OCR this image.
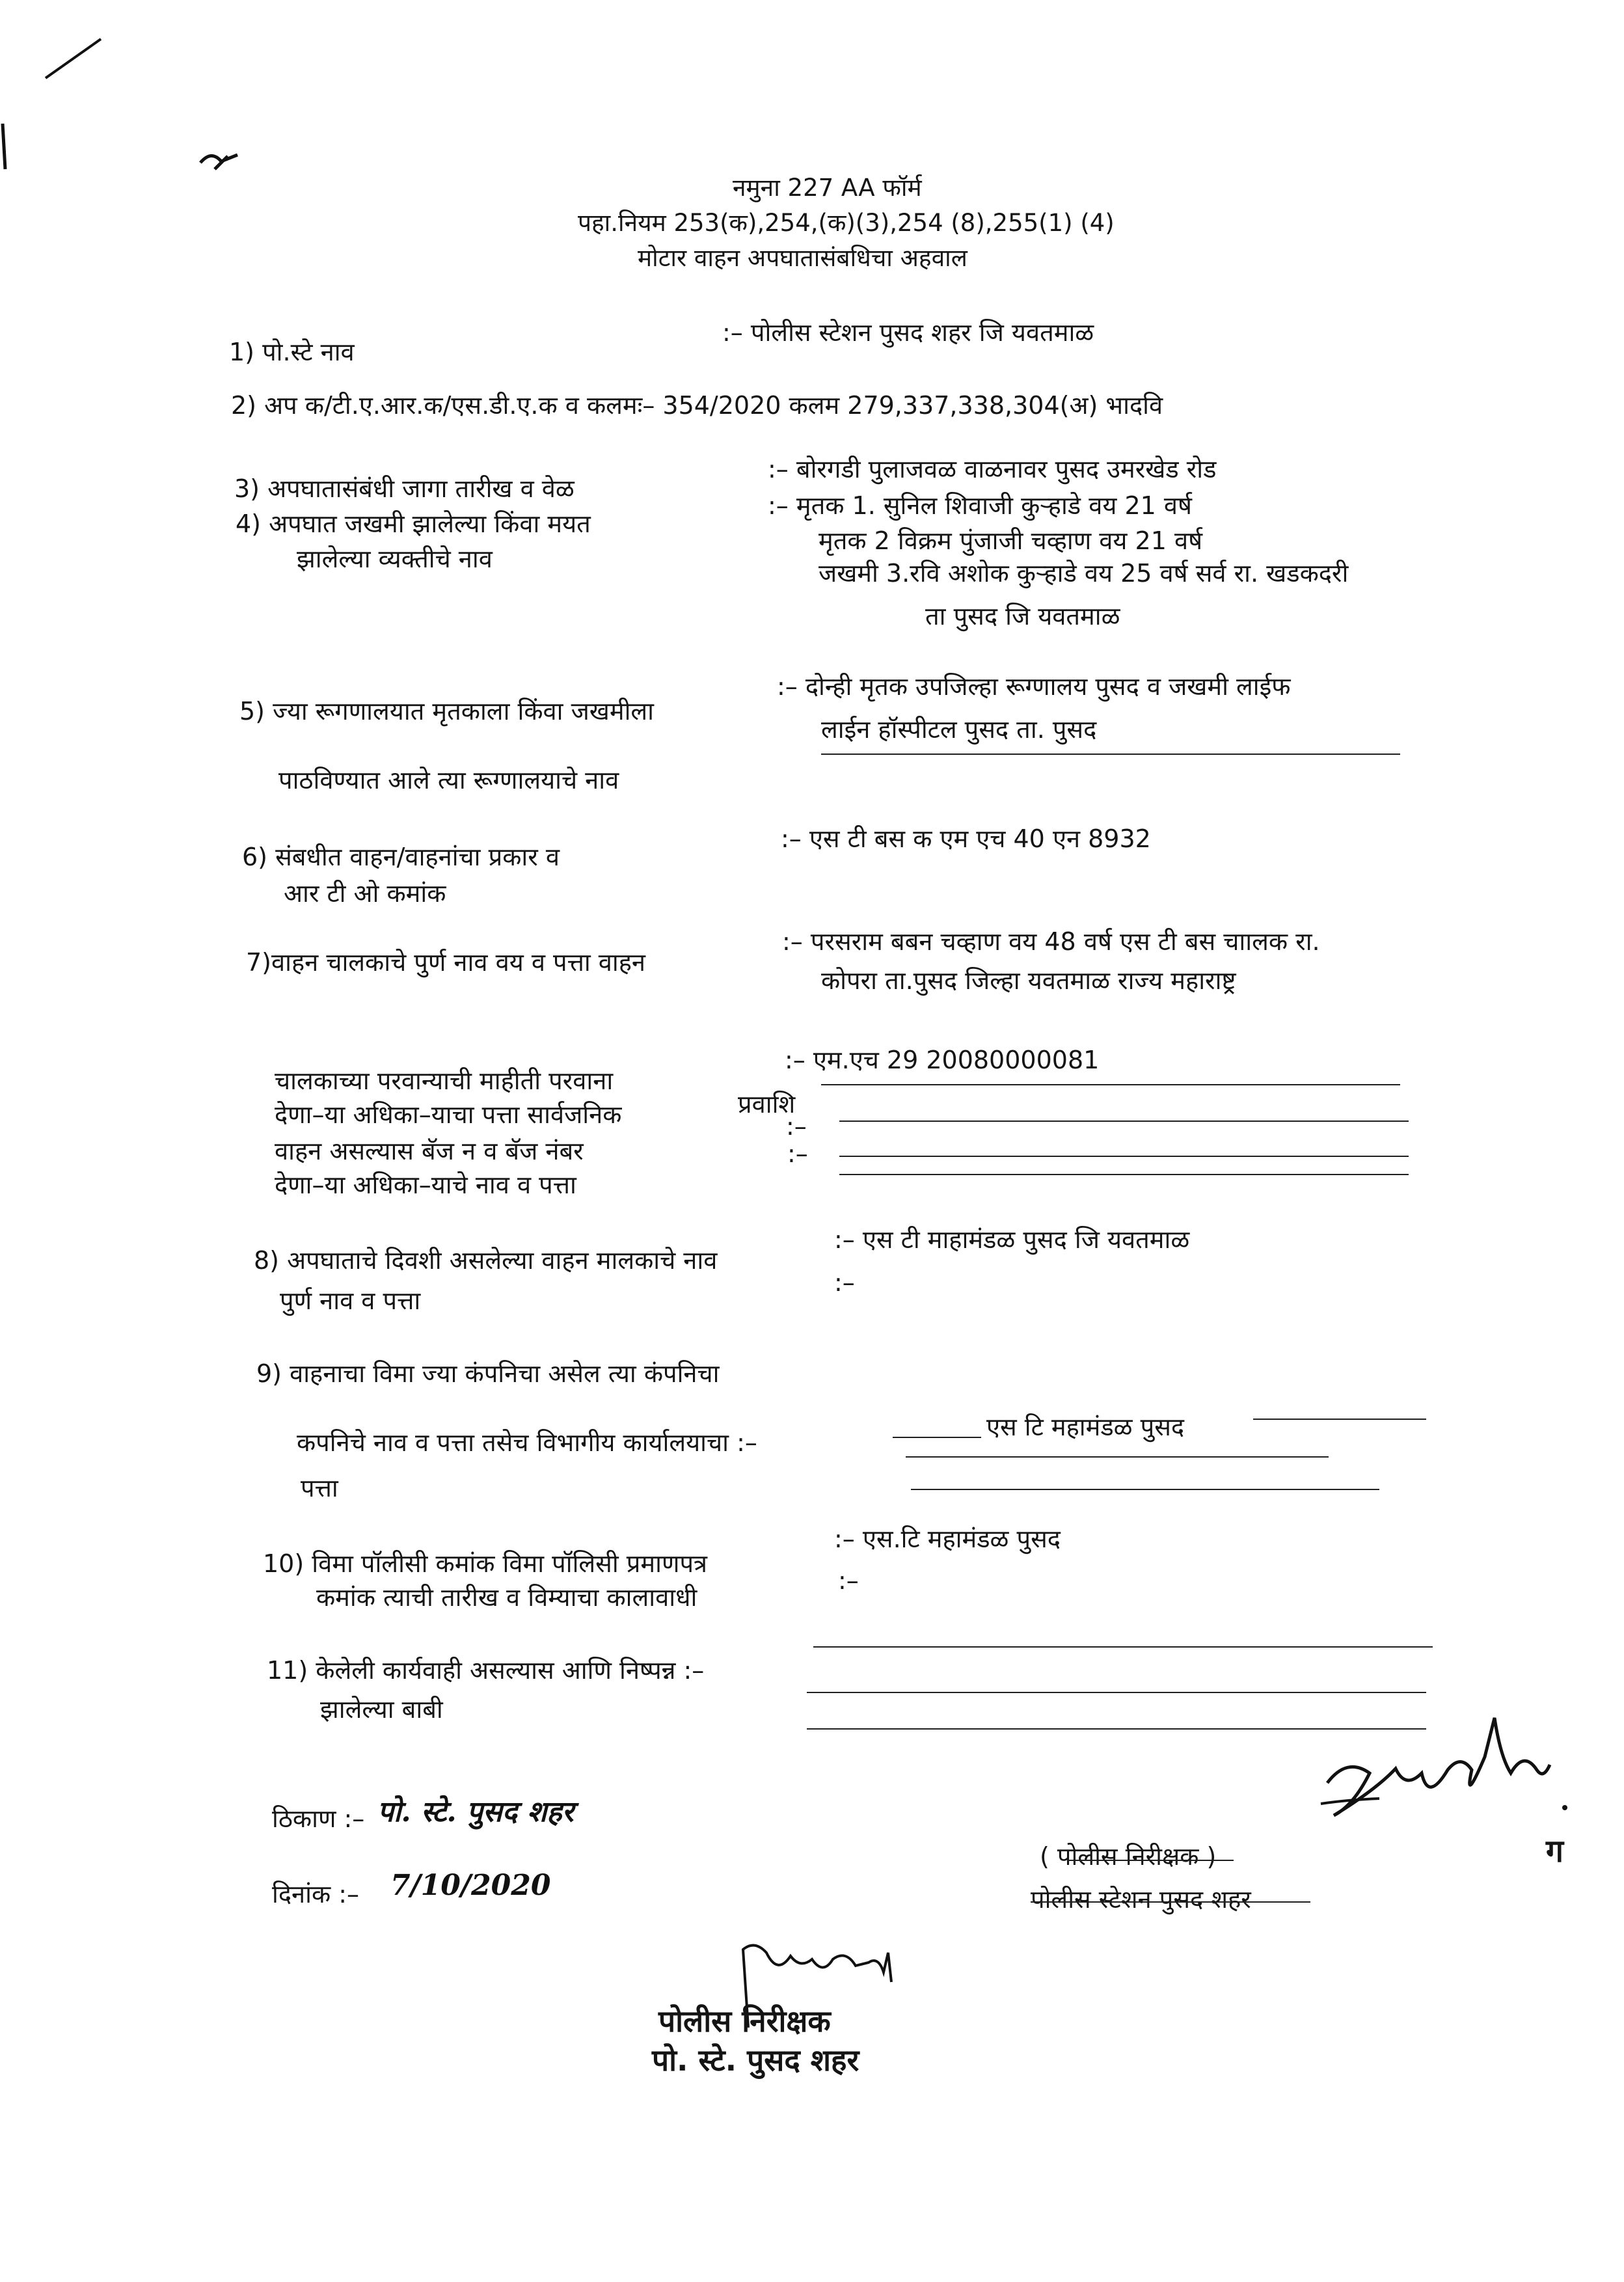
नमुना 227 AA फॉर्म
पहा.नियम 253(क),254,(क)(3),254 (8),255(1) (4)
मोटार वाहन अपघातासंबधिचा अहवाल
1) पो.स्टे नाव
:– पोलीस स्टेशन पुसद शहर जि यवतमाळ
2) अप क/टी.ए.आर.क/एस.डी.ए.क व कलमः– 354/2020 कलम 279,337,338,304(अ) भादवि
3) अपघातासंबंधी जागा तारीख व वेळ
:– बोरगडी पुलाजवळ वाळनावर पुसद उमरखेड रोड
4) अपघात जखमी झालेल्या किंवा मयत
झालेल्या व्यक्तीचे नाव
:– मृतक 1. सुनिल शिवाजी कुऱ्हाडे वय 21 वर्ष
मृतक 2 विक्रम पुंजाजी चव्हाण वय 21 वर्ष
जखमी 3.रवि अशोक कुऱ्हाडे वय 25 वर्ष सर्व रा. खडकदरी
ता पुसद जि यवतमाळ
5) ज्या रूगणालयात मृतकाला किंवा जखमीला
पाठविण्यात आले त्या रूग्णालयाचे नाव
:– दोन्ही मृतक उपजिल्हा रूग्णालय पुसद व जखमी लाईफ
लाईन हॉस्पीटल पुसद ता. पुसद
6) संबधीत वाहन/वाहनांचा प्रकार व
आर टी ओ कमांक
:– एस टी बस क एम एच 40 एन 8932
7)वाहन चालकाचे पुर्ण नाव वय व पत्ता वाहन
:– परसराम बबन चव्हाण वय 48 वर्ष एस टी बस चाालक रा.
कोपरा ता.पुसद जिल्हा यवतमाळ राज्य महाराष्ट्र
चालकाच्या परवान्याची माहीती परवाना
देणा–या अधिका–याचा पत्ता सार्वजनिक
वाहन असल्यास बॅज न व बॅज नंबर
देणा–या अधिका–याचे नाव व पत्ता
:– एम.एच 29 20080000081
प्रवाशि
:–
:–
8) अपघाताचे दिवशी असलेल्या वाहन मालकाचे नाव
पुर्ण नाव व पत्ता
:– एस टी माहामंडळ पुसद जि यवतमाळ
:–
9) वाहनाचा विमा ज्या कंपनिचा असेल त्या कंपनिचा
कपनिचे नाव व पत्ता तसेच विभागीय कार्यालयाचा :–
पत्ता
एस टि महामंडळ पुसद
10) विमा पॉलीसी कमांक विमा पॉलिसी प्रमाणपत्र
कमांक त्याची तारीख व विम्याचा कालावाधी
:– एस.टि महामंडळ पुसद
:–
11) केलेली कार्यवाही असल्यास आणि निष्पन्न :–
झालेल्या बाबी
ठिकाण :– पो. स्टे. पुसद शहर
दिनांक :– 7/10/2020
( पोलीस निरीक्षक )
पोलीस स्टेशन पुसद शहर
ग
पोलीस निरीक्षक
पो. स्टे. पुसद शहर
